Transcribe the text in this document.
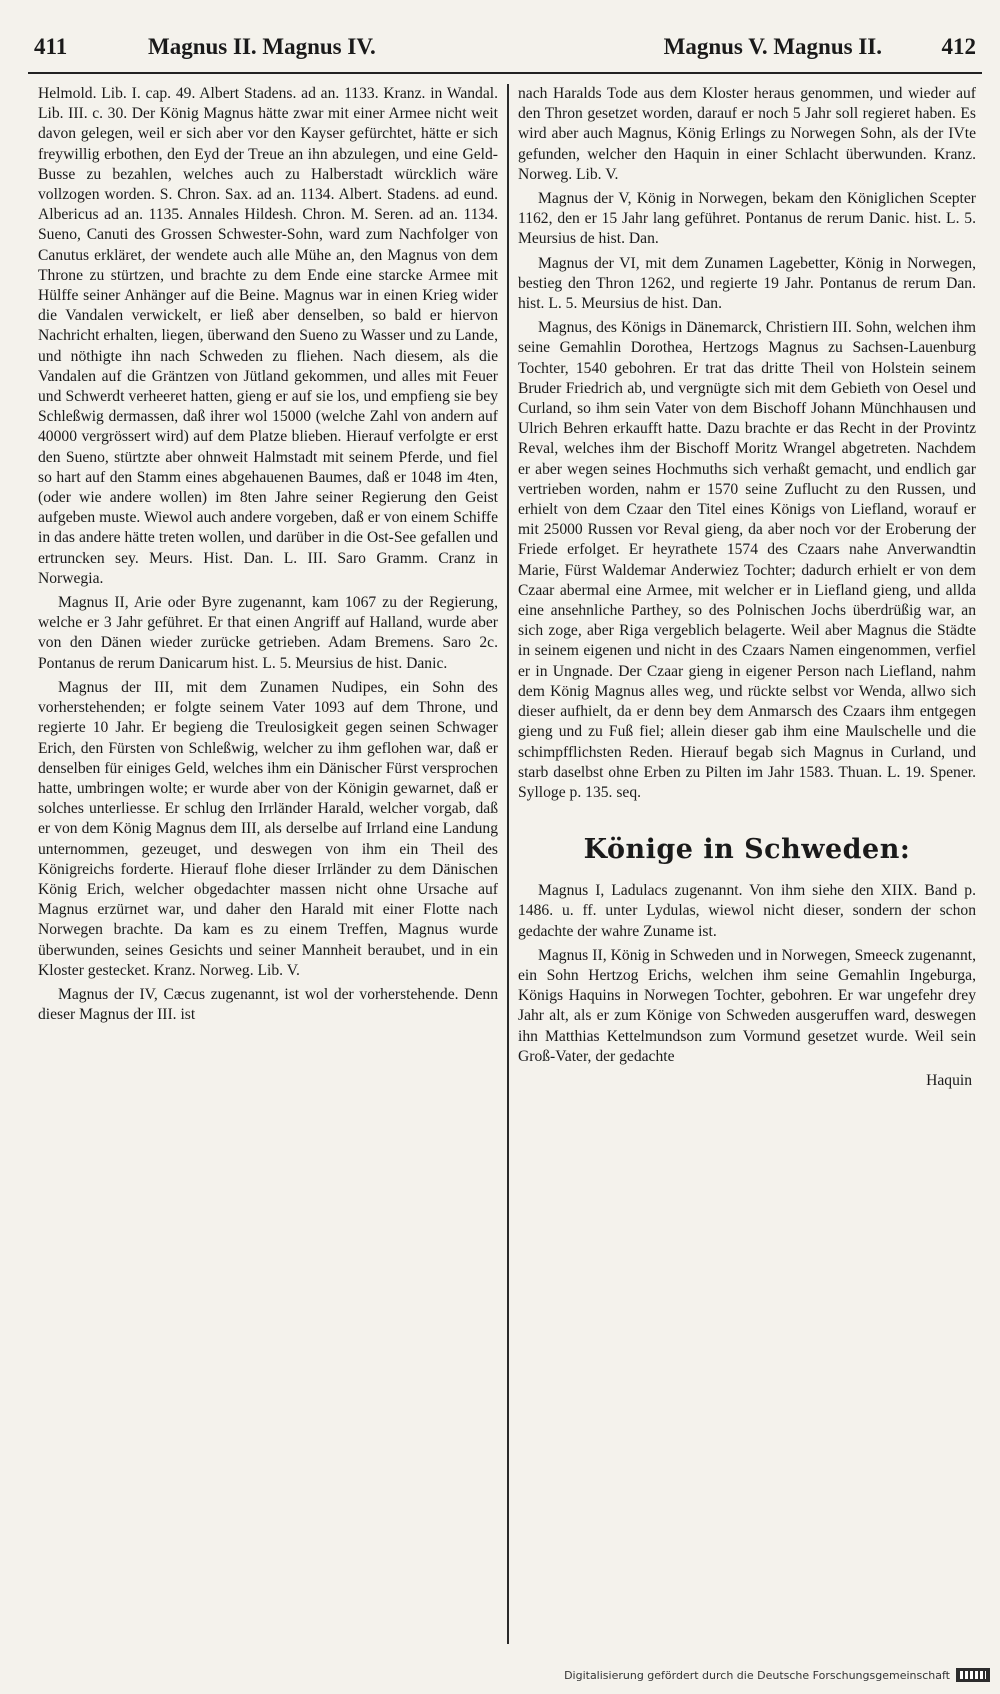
411	Magnus II. Magnus IV.	Magnus V. Magnus II.	412

Helmold. Lib. I. cap. 49. Albert Stadens. ad an. 1133. Kranz. in Wandal. Lib. III. c. 30. Der König Magnus hätte zwar mit einer Armee nicht weit davon gelegen, weil er sich aber vor den Kayser gefürchtet, hätte er sich freywillig erbothen, den Eyd der Treue an ihn abzulegen, und eine Geld-Busse zu bezahlen, welches auch zu Halberstadt würcklich wäre vollzogen worden. S. Chron. Sax. ad an. 1134. Albert. Stadens. ad eund. Albericus ad an. 1135. Annales Hildesh. Chron. M. Seren. ad an. 1134. Sueno, Canuti des Grossen Schwester-Sohn, ward zum Nachfolger von Canutus erkläret, der wendete auch alle Mühe an, den Magnus von dem Throne zu stürtzen, und brachte zu dem Ende eine starcke Armee mit Hülffe seiner Anhänger auf die Beine. Magnus war in einen Krieg wider die Vandalen verwickelt, er ließ aber denselben, so bald er hiervon Nachricht erhalten, liegen, überwand den Sueno zu Wasser und zu Lande, und nöthigte ihn nach Schweden zu fliehen. Nach diesem, als die Vandalen auf die Gräntzen von Jütland gekommen, und alles mit Feuer und Schwerdt verheeret hatten, gieng er auf sie los, und empfieng sie bey Schleßwig dermassen, daß ihrer wol 15000 (welche Zahl von andern auf 40000 vergrössert wird) auf dem Platze blieben. Hierauf verfolgte er erst den Sueno, stürtzte aber ohnweit Halmstadt mit seinem Pferde, und fiel so hart auf den Stamm eines abgehauenen Baumes, daß er 1048 im 4ten, (oder wie andere wollen) im 8ten Jahre seiner Regierung den Geist aufgeben muste. Wiewol auch andere vorgeben, daß er von einem Schiffe in das andere hätte treten wollen, und darüber in die Ost-See gefallen und ertruncken sey. Meurs. Hist. Dan. L. III. Saro Gramm. Cranz in Norwegia.

Magnus II, Arie oder Byre zugenannt, kam 1067 zu der Regierung, welche er 3 Jahr geführet. Er that einen Angriff auf Halland, wurde aber von den Dänen wieder zurücke getrieben. Adam Bremens. Saro 2c. Pontanus de rerum Danicarum hist. L. 5. Meursius de hist. Danic.

Magnus der III, mit dem Zunamen Nudipes, ein Sohn des vorherstehenden; er folgte seinem Vater 1093 auf dem Throne, und regierte 10 Jahr. Er begieng die Treulosigkeit gegen seinen Schwager Erich, den Fürsten von Schleßwig, welcher zu ihm geflohen war, daß er denselben für einiges Geld, welches ihm ein Dänischer Fürst versprochen hatte, umbringen wolte; er wurde aber von der Königin gewarnet, daß er solches unterliesse. Er schlug den Irrländer Harald, welcher vorgab, daß er von dem König Magnus dem III, als derselbe auf Irrland eine Landung unternommen, gezeuget, und deswegen von ihm ein Theil des Königreichs forderte. Hierauf flohe dieser Irrländer zu dem Dänischen König Erich, welcher obgedachter massen nicht ohne Ursache auf Magnus erzürnet war, und daher den Harald mit einer Flotte nach Norwegen brachte. Da kam es zu einem Treffen, Magnus wurde überwunden, seines Gesichts und seiner Mannheit beraubet, und in ein Kloster gestecket. Kranz. Norweg. Lib. V.

Magnus der IV, Cæcus zugenannt, ist wol der vorherstehende. Denn dieser Magnus der III. ist

nach Haralds Tode aus dem Kloster heraus genommen, und wieder auf den Thron gesetzet worden, darauf er noch 5 Jahr soll regieret haben. Es wird aber auch Magnus, König Erlings zu Norwegen Sohn, als der IVte gefunden, welcher den Haquin in einer Schlacht überwunden. Kranz. Norweg. Lib. V.

Magnus der V, König in Norwegen, bekam den Königlichen Scepter 1162, den er 15 Jahr lang geführet. Pontanus de rerum Danic. hist. L. 5. Meursius de hist. Dan.

Magnus der VI, mit dem Zunamen Lagebetter, König in Norwegen, bestieg den Thron 1262, und regierte 19 Jahr. Pontanus de rerum Dan. hist. L. 5. Meursius de hist. Dan.

Magnus, des Königs in Dänemarck, Christiern III. Sohn, welchen ihm seine Gemahlin Dorothea, Hertzogs Magnus zu Sachsen-Lauenburg Tochter, 1540 gebohren. Er trat das dritte Theil von Holstein seinem Bruder Friedrich ab, und vergnügte sich mit dem Gebieth von Oesel und Curland, so ihm sein Vater von dem Bischoff Johann Münchhausen und Ulrich Behren erkaufft hatte. Dazu brachte er das Recht in der Provintz Reval, welches ihm der Bischoff Moritz Wrangel abgetreten. Nachdem er aber wegen seines Hochmuths sich verhaßt gemacht, und endlich gar vertrieben worden, nahm er 1570 seine Zuflucht zu den Russen, und erhielt von dem Czaar den Titel eines Königs von Liefland, worauf er mit 25000 Russen vor Reval gieng, da aber noch vor der Eroberung der Friede erfolget. Er heyrathete 1574 des Czaars nahe Anverwandtin Marie, Fürst Waldemar Anderwiez Tochter; dadurch erhielt er von dem Czaar abermal eine Armee, mit welcher er in Liefland gieng, und allda eine ansehnliche Parthey, so des Polnischen Jochs überdrüßig war, an sich zoge, aber Riga vergeblich belagerte. Weil aber Magnus die Städte in seinem eigenen und nicht in des Czaars Namen eingenommen, verfiel er in Ungnade. Der Czaar gieng in eigener Person nach Liefland, nahm dem König Magnus alles weg, und rückte selbst vor Wenda, allwo sich dieser aufhielt, da er denn bey dem Anmarsch des Czaars ihm entgegen gieng und zu Fuß fiel; allein dieser gab ihm eine Maulschelle und die schimpfflichsten Reden. Hierauf begab sich Magnus in Curland, und starb daselbst ohne Erben zu Pilten im Jahr 1583. Thuan. L. 19. Spener. Sylloge p. 135. seq.

Könige in Schweden:

Magnus I, Ladulacs zugenannt. Von ihm siehe den XIIX. Band p. 1486. u. ff. unter Lydulas, wiewol nicht dieser, sondern der schon gedachte der wahre Zuname ist.

Magnus II, König in Schweden und in Norwegen, Smeeck zugenannt, ein Sohn Hertzog Erichs, welchen ihm seine Gemahlin Ingeburga, Königs Haquins in Norwegen Tochter, gebohren. Er war ungefehr drey Jahr alt, als er zum Könige von Schweden ausgeruffen ward, deswegen ihn Matthias Kettelmundson zum Vormund gesetzet wurde. Weil sein Groß-Vater, der gedachte

Haquin
Digitalisierung gefördert durch die Deutsche Forschungsgemeinschaft
